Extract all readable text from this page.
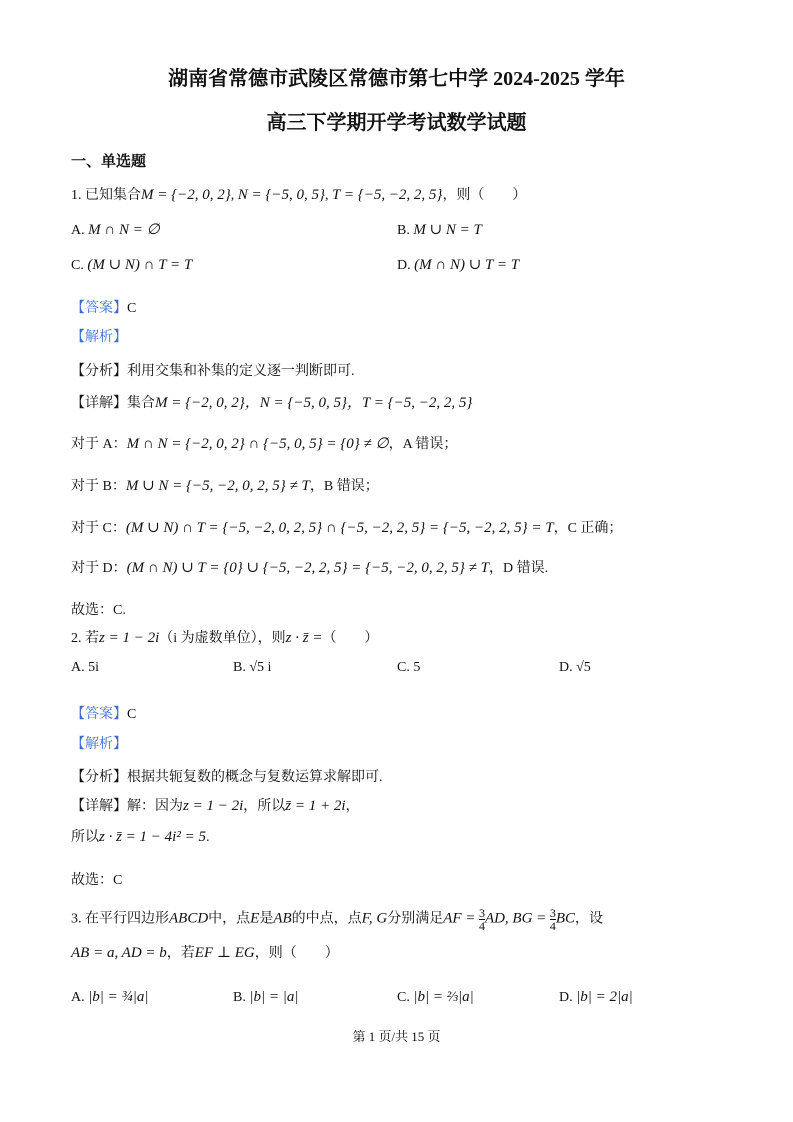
湖南省常德市武陵区常德市第七中学 2024-2025 学年
高三下学期开学考试数学试题
一、单选题
1. 已知集合M = {−2, 0, 2}, N = {−5, 0, 5}, T = {−5, −2, 2, 5}，则（　　）
A. M ∩ N = ∅	B. M ∪ N = T
C. (M ∪ N) ∩ T = T	D. (M ∩ N) ∪ T = T
【答案】C
【解析】
【分析】利用交集和补集的定义逐一判断即可.
【详解】集合M = {−2, 0, 2}，N = {−5, 0, 5}，T = {−5, −2, 2, 5}
对于 A：M ∩ N = {−2, 0, 2} ∩ {−5, 0, 5} = {0} ≠ ∅，A 错误；
对于 B：M ∪ N = {−5, −2, 0, 2, 5} ≠ T，B 错误；
对于 C：(M ∪ N) ∩ T = {−5, −2, 0, 2, 5} ∩ {−5, −2, 2, 5} = {−5, −2, 2, 5} = T，C 正确；
对于 D：(M ∩ N) ∪ T = {0} ∪ {−5, −2, 2, 5} = {−5, −2, 0, 2, 5} ≠ T，D 错误.
故选：C.
2. 若z = 1 − 2i（i 为虚数单位），则z · z̄ =（　　）
A. 5i	B. √5 i	C. 5	D. √5
【答案】C
【解析】
【分析】根据共轭复数的概念与复数运算求解即可.
【详解】解：因为z = 1 − 2i，所以z̄ = 1 + 2i，
所以z · z̄ = 1 − 4i² = 5.
故选：C
3. 在平行四边形ABCD中，点E是AB的中点，点F, G分别满足AF = $\frac{3}{4}$ AD, BG = $\frac{3}{4}$ BC，设
AB = a, AD = b，若EF ⊥ EG，则（　　）
A. |b| = ¾|a|	B. |b| = |a|	C. |b| = ⅔|a|	D. |b| = 2|a|
第 1 页/共 15 页
